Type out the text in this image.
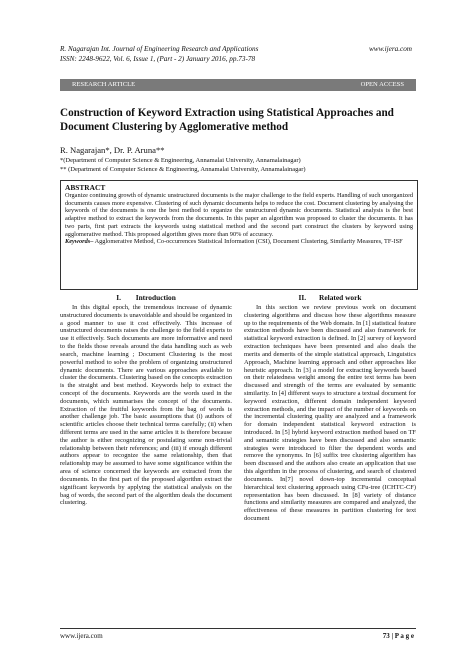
R. Nagarajan Int. Journal of Engineering Research and Applications
ISSN: 2248-9622, Vol. 6, Issue 1, (Part - 2) January 2016, pp.73-78
www.ijera.com
RESEARCH ARTICLE	OPEN ACCESS
Construction of Keyword Extraction using Statistical Approaches and Document Clustering by Agglomerative method
R. Nagarajan*, Dr. P. Aruna**
*(Department of Computer Science & Engineering, Annamalai University, Annamalainagar)
** (Department of Computer Science & Engineering, Annamalai University, Annamalainagar)
ABSTRACT
Organize continuing growth of dynamic unstructured documents is the major challenge to the field experts. Handling of such unorganized documents causes more expensive. Clustering of such dynamic documents helps to reduce the cost. Document clustering by analysing the keywords of the documents is one the best method to organize the unstructured dynamic documents. Statistical analysis is the best adaptive method to extract the keywords from the documents. In this paper an algorithm was proposed to cluster the documents. It has two parts, first part extracts the keywords using statistical method and the second part construct the clusters by keyword using agglomerative method. This proposed algorithm gives more than 90% of accuracy.
Keywords– Agglomerative Method, Co-occurrences Statistical Information (CSI), Document Clustering, Similarity Measures, TF-ISF
I.        Introduction
In this digital epoch, the tremendous increase of dynamic unstructured documents is unavoidable and should be organized in a good manner to use it cost effectively. This increase of unstructured documents raises the challenge to the field experts to use it effectively. Such documents are more informative and need to the fields those reveals around the data handling such as web search, machine learning ; Document Clustering is the most powerful method to solve the problem of organizing unstructured dynamic documents. There are various approaches available to cluster the documents. Clustering based on the concepts extraction is the straight and best method. Keywords help to extract the concept of the documents. Keywords are the words used in the documents, which summarises the concept of the documents. Extraction of the fruitful keywords from the bag of words is another challenge job. The basic assumptions that (i) authors of scientific articles choose their technical terms carefully; (ii) when different terms are used in the same articles it is therefore because the author is either recognizing or postulating some non-trivial relationship between their references; and (iii) if enough different authors appear to recognize the same relationship, then that relationship may be assumed to have some significance within the area of science concerned the keywords are extracted from the documents. In the first part of the proposed algorithm extract the significant keywords by applying the statistical analysis on the bag of words, the second part of the algorithm deals the document clustering.
II.       Related work
In this section we review previous work on document clustering algorithms and discuss how these algorithms measure up to the requirements of the Web domain. In [1] statistical feature extraction methods have been discussed and also framework for statistical keyword extraction is defined. In [2] survey of keyword extraction techniques have been presented and also deals the merits and demerits of the simple statistical approach, Linguistics Approach, Machine learning approach and other approaches like heuristic approach. In [3] a model for extracting keywords based on their relatedness weight among the entire text terms has been discussed and strength of the terms are evaluated by semantic similarity. In [4] different ways to structure a textual document for keyword extraction, different domain independent keyword extraction methods, and the impact of the number of keywords on the incremental clustering quality are analyzed and a framework for domain independent statistical keyword extraction is introduced. In [5] hybrid keyword extraction method based on TF and semantic strategies have been discussed and also semantic strategies were introduced to filter the dependent words and remove the synonyms. In [6] suffix tree clustering algorithm has been discussed and the authors also create an application that use this algorithm in the process of clustering, and search of clustered documents. In[7] novel down-top incremental conceptual hierarchical text clustering approach using CFu-tree (ICHTC-CF) representation has been discussed. In [8] variety of distance functions and similarity measures are compared and analyzed, the effectiveness of these measures in partition clustering for text document
www.ijera.com	73 | P a g e
